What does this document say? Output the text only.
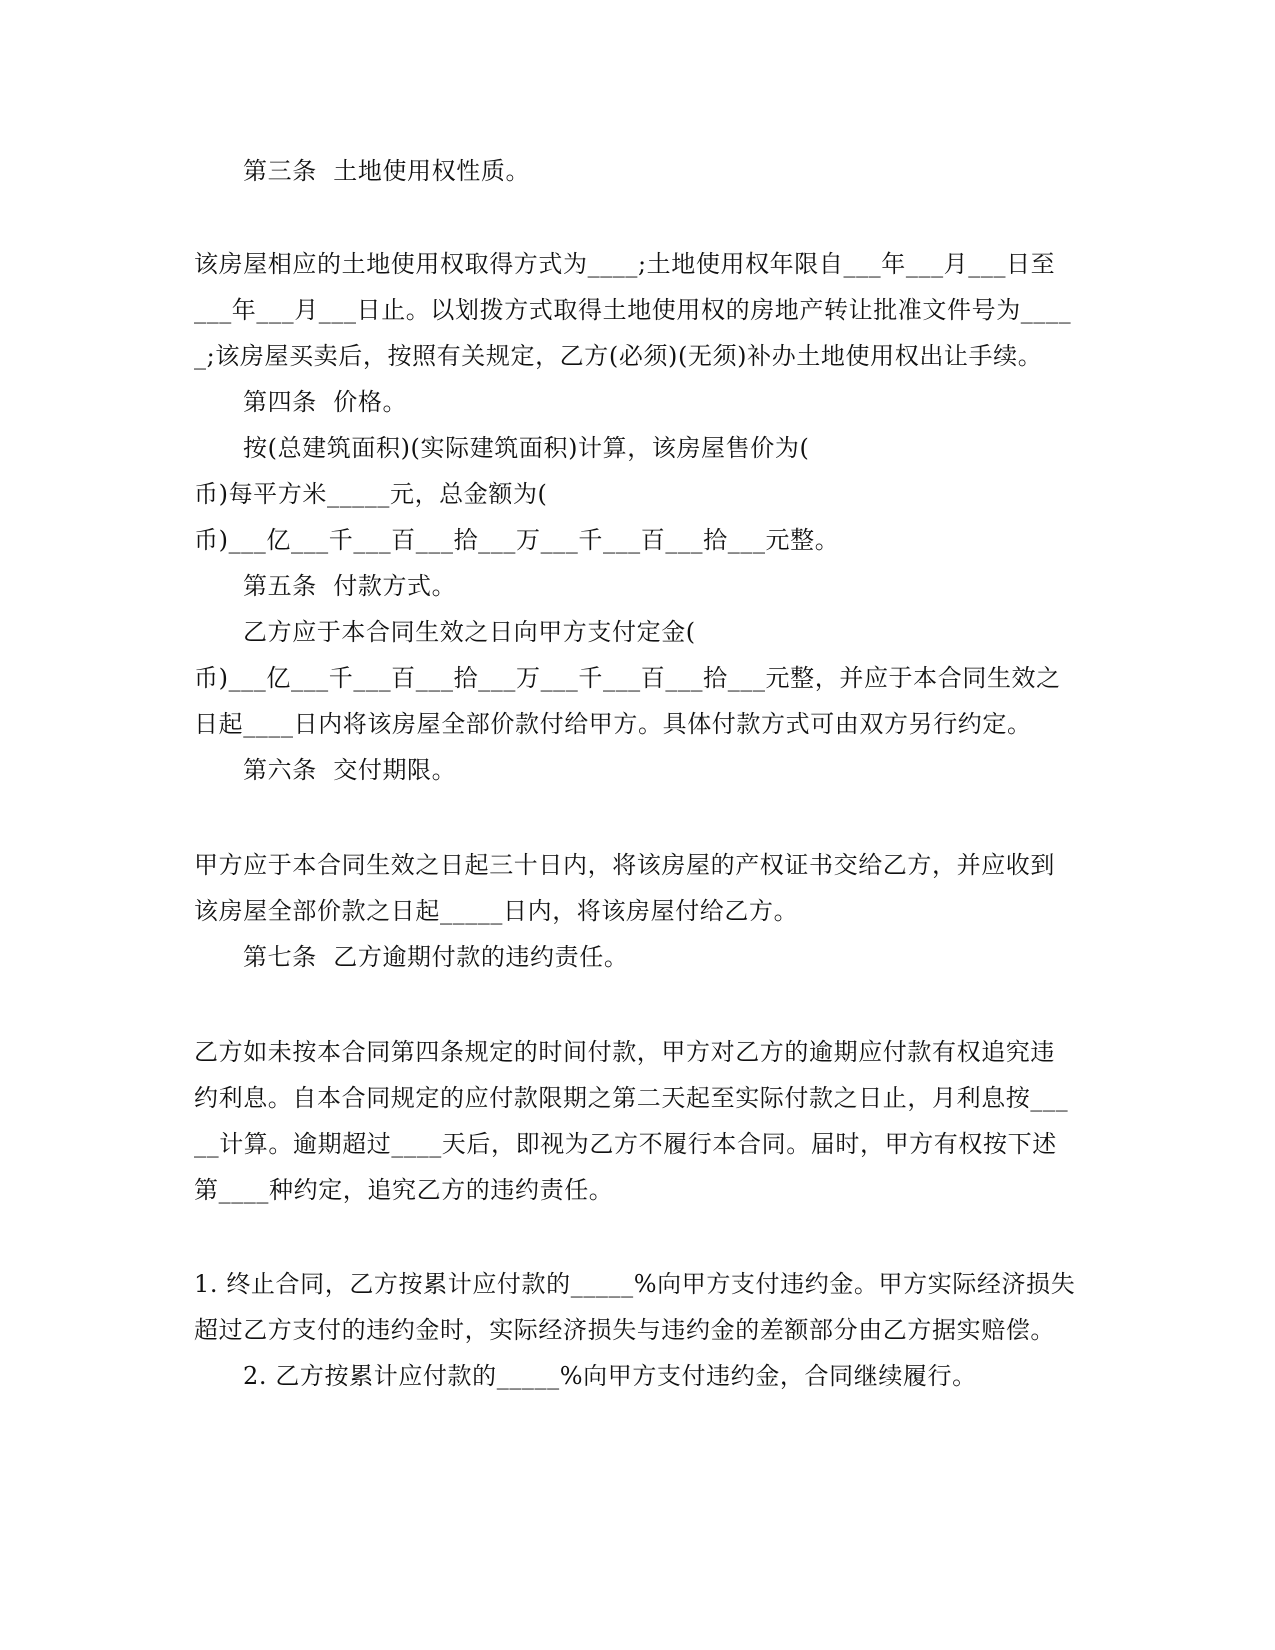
第三条  土地使用权性质。
该房屋相应的土地使用权取得方式为____;土地使用权年限自___年___月___日至
___年___月___日止。以划拨方式取得土地使用权的房地产转让批准文件号为____
_;该房屋买卖后，按照有关规定，乙方(必须)(无须)补办土地使用权出让手续。
第四条  价格。
按(总建筑面积)(实际建筑面积)计算，该房屋售价为(
币)每平方米_____元，总金额为(
币)___亿___千___百___拾___万___千___百___拾___元整。
第五条  付款方式。
乙方应于本合同生效之日向甲方支付定金(
币)___亿___千___百___拾___万___千___百___拾___元整，并应于本合同生效之
日起____日内将该房屋全部价款付给甲方。具体付款方式可由双方另行约定。
第六条  交付期限。
甲方应于本合同生效之日起三十日内，将该房屋的产权证书交给乙方，并应收到
该房屋全部价款之日起_____日内，将该房屋付给乙方。
第七条  乙方逾期付款的违约责任。
乙方如未按本合同第四条规定的时间付款，甲方对乙方的逾期应付款有权追究违
约利息。自本合同规定的应付款限期之第二天起至实际付款之日止，月利息按___
__计算。逾期超过____天后，即视为乙方不履行本合同。届时，甲方有权按下述
第____种约定，追究乙方的违约责任。
1. 终止合同，乙方按累计应付款的_____%向甲方支付违约金。甲方实际经济损失
超过乙方支付的违约金时，实际经济损失与违约金的差额部分由乙方据实赔偿。
2. 乙方按累计应付款的_____%向甲方支付违约金，合同继续履行。
